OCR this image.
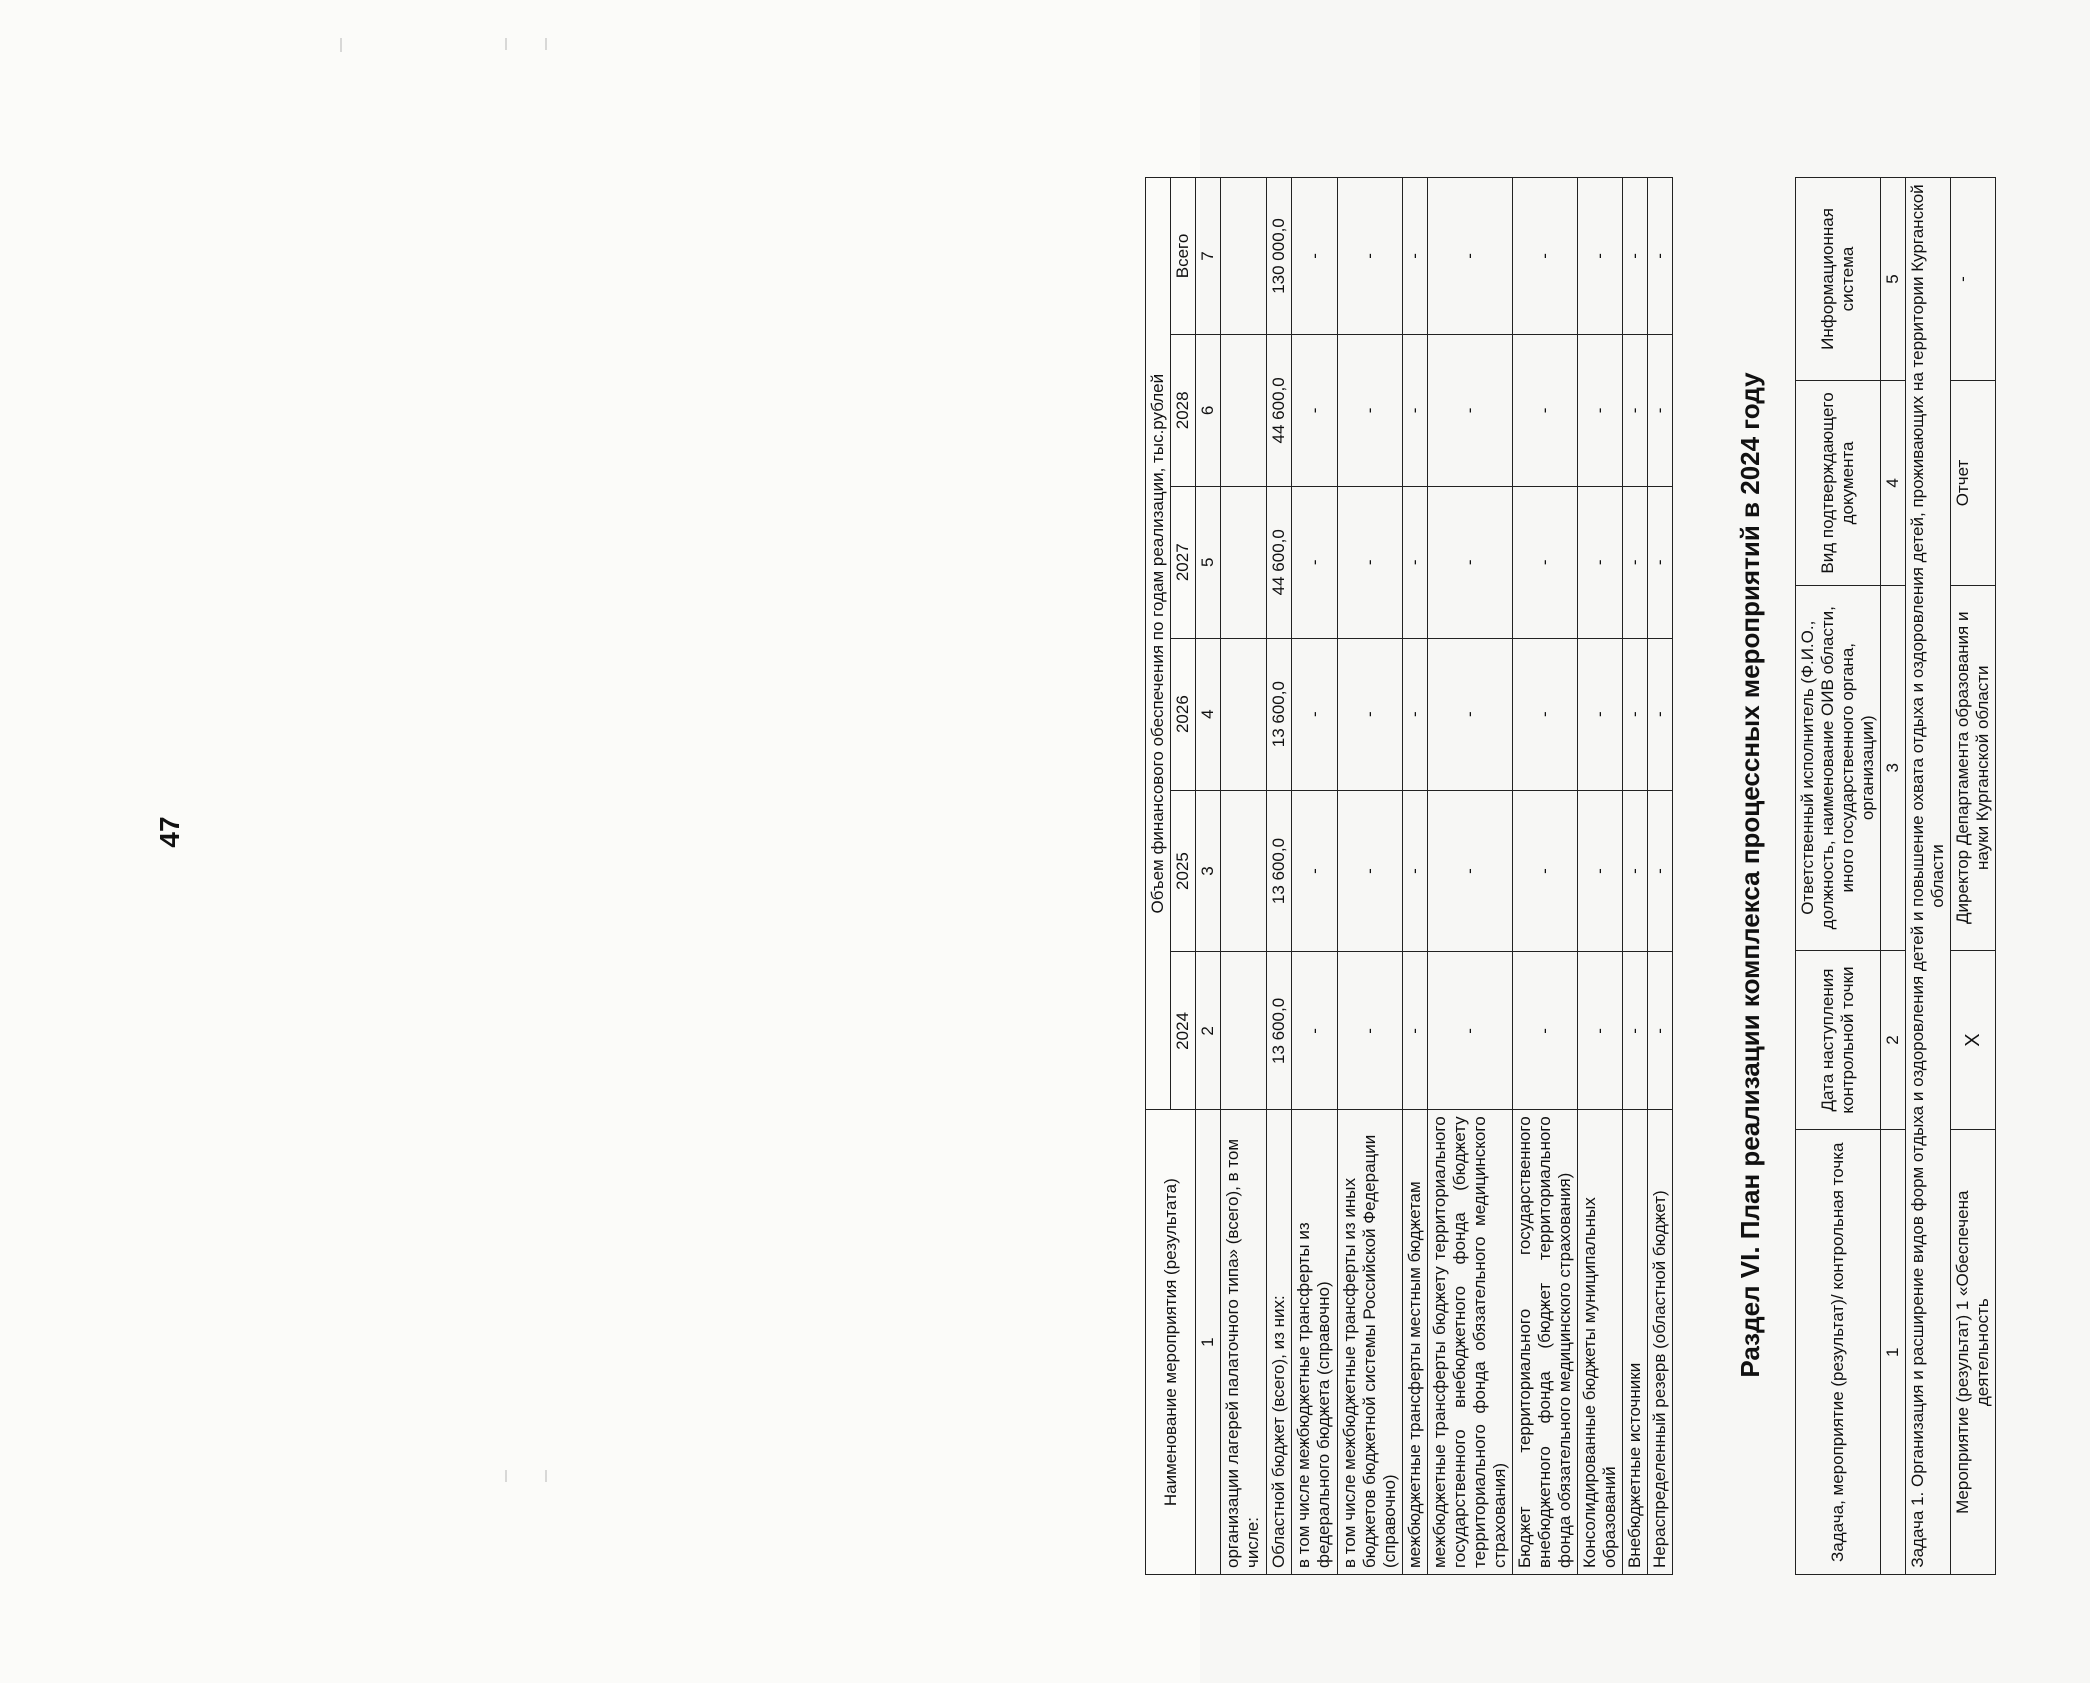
47
Наименование мероприятия (результата)	Объем финансового обеспечения по годам реализации, тыс.рублей					
	2024	2025	2026	2027	2028	Всего
1	2	3	4	5	6	7
организации лагерей палаточного типа» (всего), в том числе:						
Областной бюджет (всего), из них:	13 600,0	13 600,0	13 600,0	44 600,0	44 600,0	130 000,0
в том числе межбюджетные трансферты из федерального бюджета (справочно)	-	-	-	-	-	-
в том числе межбюджетные трансферты из иных бюджетов бюджетной системы Российской Федерации (справочно)	-	-	-	-	-	-
межбюджетные трансферты местным бюджетам	-	-	-	-	-	-
межбюджетные трансферты бюджету территориального государственного внебюджетного фонда (бюджету территориального фонда обязательного медицинского страхования)	-	-	-	-	-	-
Бюджет территориального государственного внебюджетного фонда (бюджет территориального фонда обязательного медицинского страхования)	-	-	-	-	-	-
Консолидированные бюджеты муниципальных образований	-	-	-	-	-	-
Внебюджетные источники	-	-	-	-	-	-
Нераспределенный резерв (областной бюджет)	-	-	-	-	-	-
Раздел VI. План реализации комплекса процессных мероприятий в 2024 году	Задача, мероприятие (результат)/ контрольная точка	Дата наступления контрольной точки	Ответственный исполнитель (Ф.И.О., должность, наименование ОИВ области, иного государственного органа, организации)	Вид подтверждающего документа	Информационная система
1	2	3	4	5
Задача 1. Организация и расширение видов форм отдыха и оздоровления детей и повышение охвата отдыха и оздоровления детей, проживающих на территории Курганской области				
Мероприятие (результат) 1 «Обеспечена деятельность	X	Директор Департамента образования и науки Курганской области	Отчет	-
